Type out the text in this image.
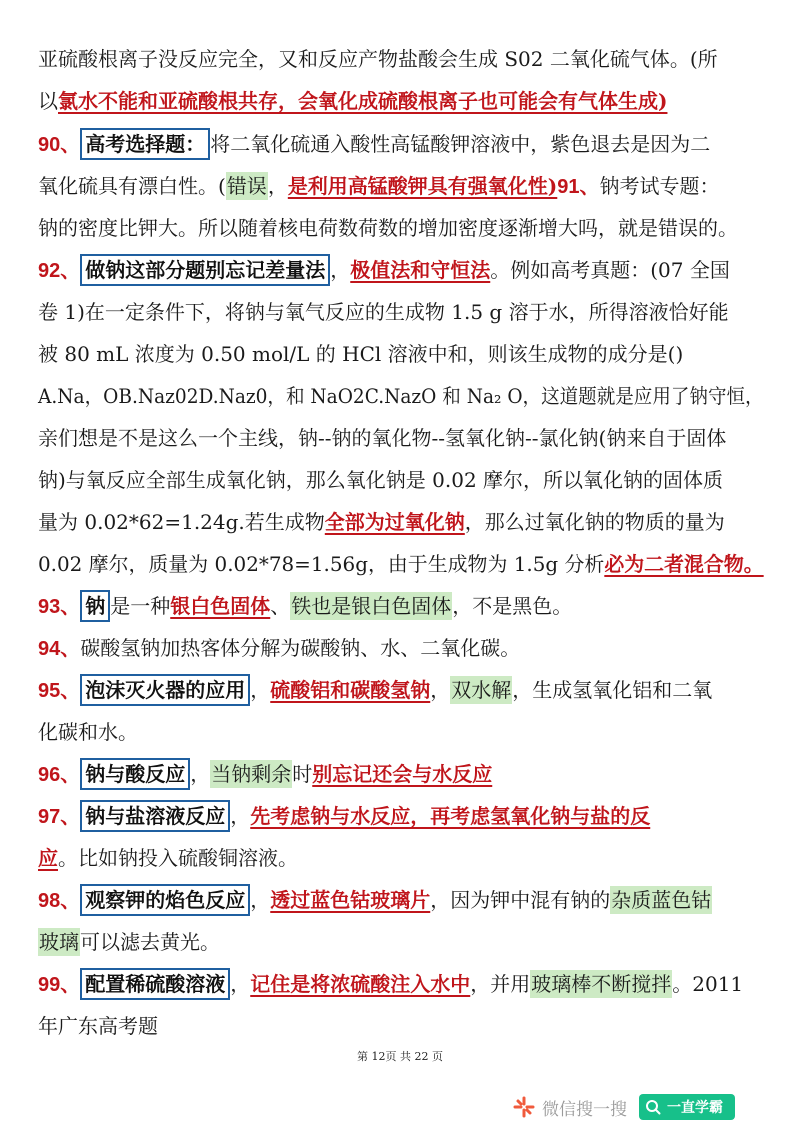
亚硫酸根离子没反应完全，又和反应产物盐酸会生成 S02 二氧化硫气体。(所
以氯水不能和亚硫酸根共存，会氧化成硫酸根离子也可能会有气体生成)
90、 高考选择题： 将二氧化硫通入酸性高锰酸钾溶液中，紫色退去是因为二
氧化硫具有漂白性。(错误，是利用高锰酸钾具有强氧化性)91、钠考试专题：
钠的密度比钾大。所以随着核电荷数荷数的增加密度逐渐增大吗，就是错误的。
92、 做钠这部分题别忘记差量法 ，极值法和守恒法。例如高考真题：(07 全国
卷 1)在一定条件下，将钠与氧气反应的生成物 1.5 g 溶于水，所得溶液恰好能
被 80 mL 浓度为 0.50 mol/L 的 HCl 溶液中和，则该生成物的成分是()
A.Na，OB.Naz02D.Naz0，和 NaO2C.NazO 和 Na₂ O，这道题就是应用了钠守恒，
亲们想是不是这么一个主线，钠--钠的氧化物--氢氧化钠--氯化钠(钠来自于固体
钠)与氧反应全部生成氧化钠，那么氧化钠是 0.02 摩尔，所以氧化钠的固体质
量为 0.02*62=1.24g.若生成物全部为过氧化钠，那么过氧化钠的物质的量为
0.02 摩尔，质量为 0.02*78=1.56g，由于生成物为 1.5g 分析必为二者混合物。
93、 钠 是一种银白色固体、铁也是银白色固体，不是黑色。
94、碳酸氢钠加热客体分解为碳酸钠、水、二氧化碳。
95、 泡沫灭火器的应用 ，硫酸铝和碳酸氢钠，双水解，生成氢氧化铝和二氧
化碳和水。
96、 钠与酸反应 ，当钠剩余时别忘记还会与水反应
97、 钠与盐溶液反应 ，先考虑钠与水反应，再考虑氢氧化钠与盐的反
应。比如钠投入硫酸铜溶液。
98、 观察钾的焰色反应 ，透过蓝色钴玻璃片，因为钾中混有钠的杂质蓝色钴
玻璃可以滤去黄光。
99、 配置稀硫酸溶液 ，记住是将浓硫酸注入水中，并用玻璃棒不断搅拌。2011
年广东高考题
第 12页 共 22 页
微信搜一搜	一直学霸
